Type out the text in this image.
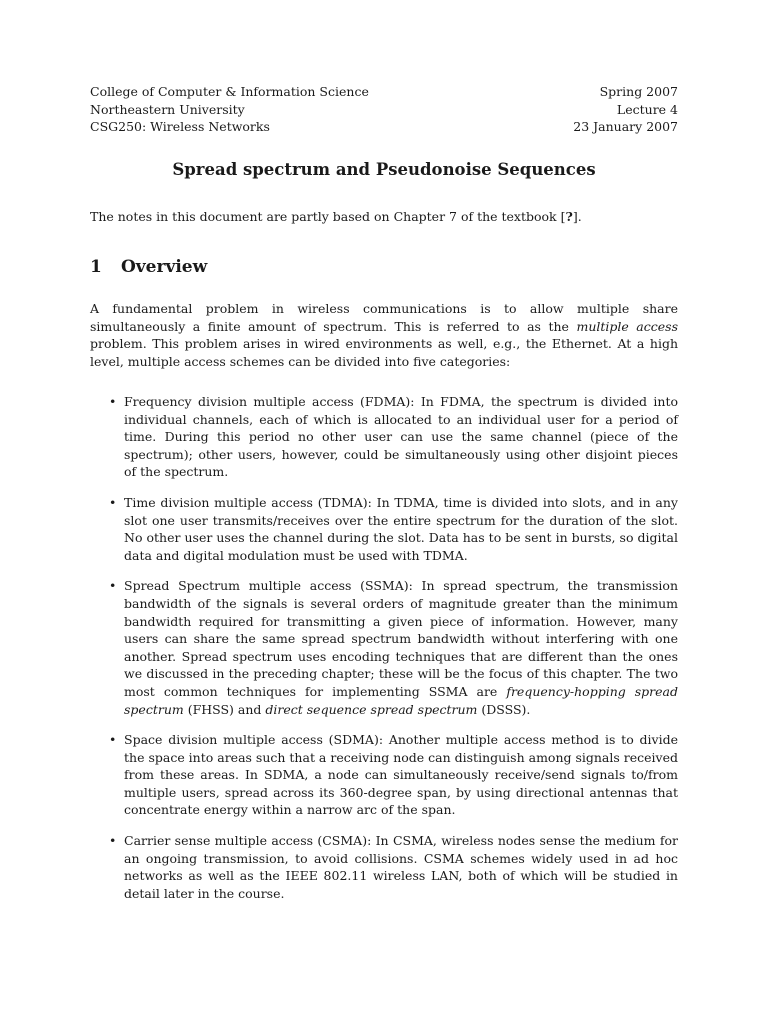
College of Computer & Information Science
Northeastern University
CSG250: Wireless Networks
Spring 2007
Lecture 4
23 January 2007
Spread spectrum and Pseudonoise Sequences
The notes in this document are partly based on Chapter 7 of the textbook [?].
1 Overview
A fundamental problem in wireless communications is to allow multiple share simultaneously a finite amount of spectrum. This is referred to as the multiple access problem. This problem arises in wired environments as well, e.g., the Ethernet. At a high level, multiple access schemes can be divided into five categories:
• Frequency division multiple access (FDMA): In FDMA, the spectrum is divided into individual channels, each of which is allocated to an individual user for a period of time. During this period no other user can use the same channel (piece of the spectrum); other users, however, could be simultaneously using other disjoint pieces of the spectrum.
• Time division multiple access (TDMA): In TDMA, time is divided into slots, and in any slot one user transmits/receives over the entire spectrum for the duration of the slot. No other user uses the channel during the slot. Data has to be sent in bursts, so digital data and digital modulation must be used with TDMA.
• Spread Spectrum multiple access (SSMA): In spread spectrum, the transmission bandwidth of the signals is several orders of magnitude greater than the minimum bandwidth required for transmitting a given piece of information. However, many users can share the same spread spectrum bandwidth without interfering with one another. Spread spectrum uses encoding techniques that are different than the ones we discussed in the preceding chapter; these will be the focus of this chapter. The two most common techniques for implementing SSMA are frequency-hopping spread spectrum (FHSS) and direct sequence spread spectrum (DSSS).
• Space division multiple access (SDMA): Another multiple access method is to divide the space into areas such that a receiving node can distinguish among signals received from these areas. In SDMA, a node can simultaneously receive/send signals to/from multiple users, spread across its 360-degree span, by using directional antennas that concentrate energy within a narrow arc of the span.
• Carrier sense multiple access (CSMA): In CSMA, wireless nodes sense the medium for an ongoing transmission, to avoid collisions. CSMA schemes widely used in ad hoc networks as well as the IEEE 802.11 wireless LAN, both of which will be studied in detail later in the course.
